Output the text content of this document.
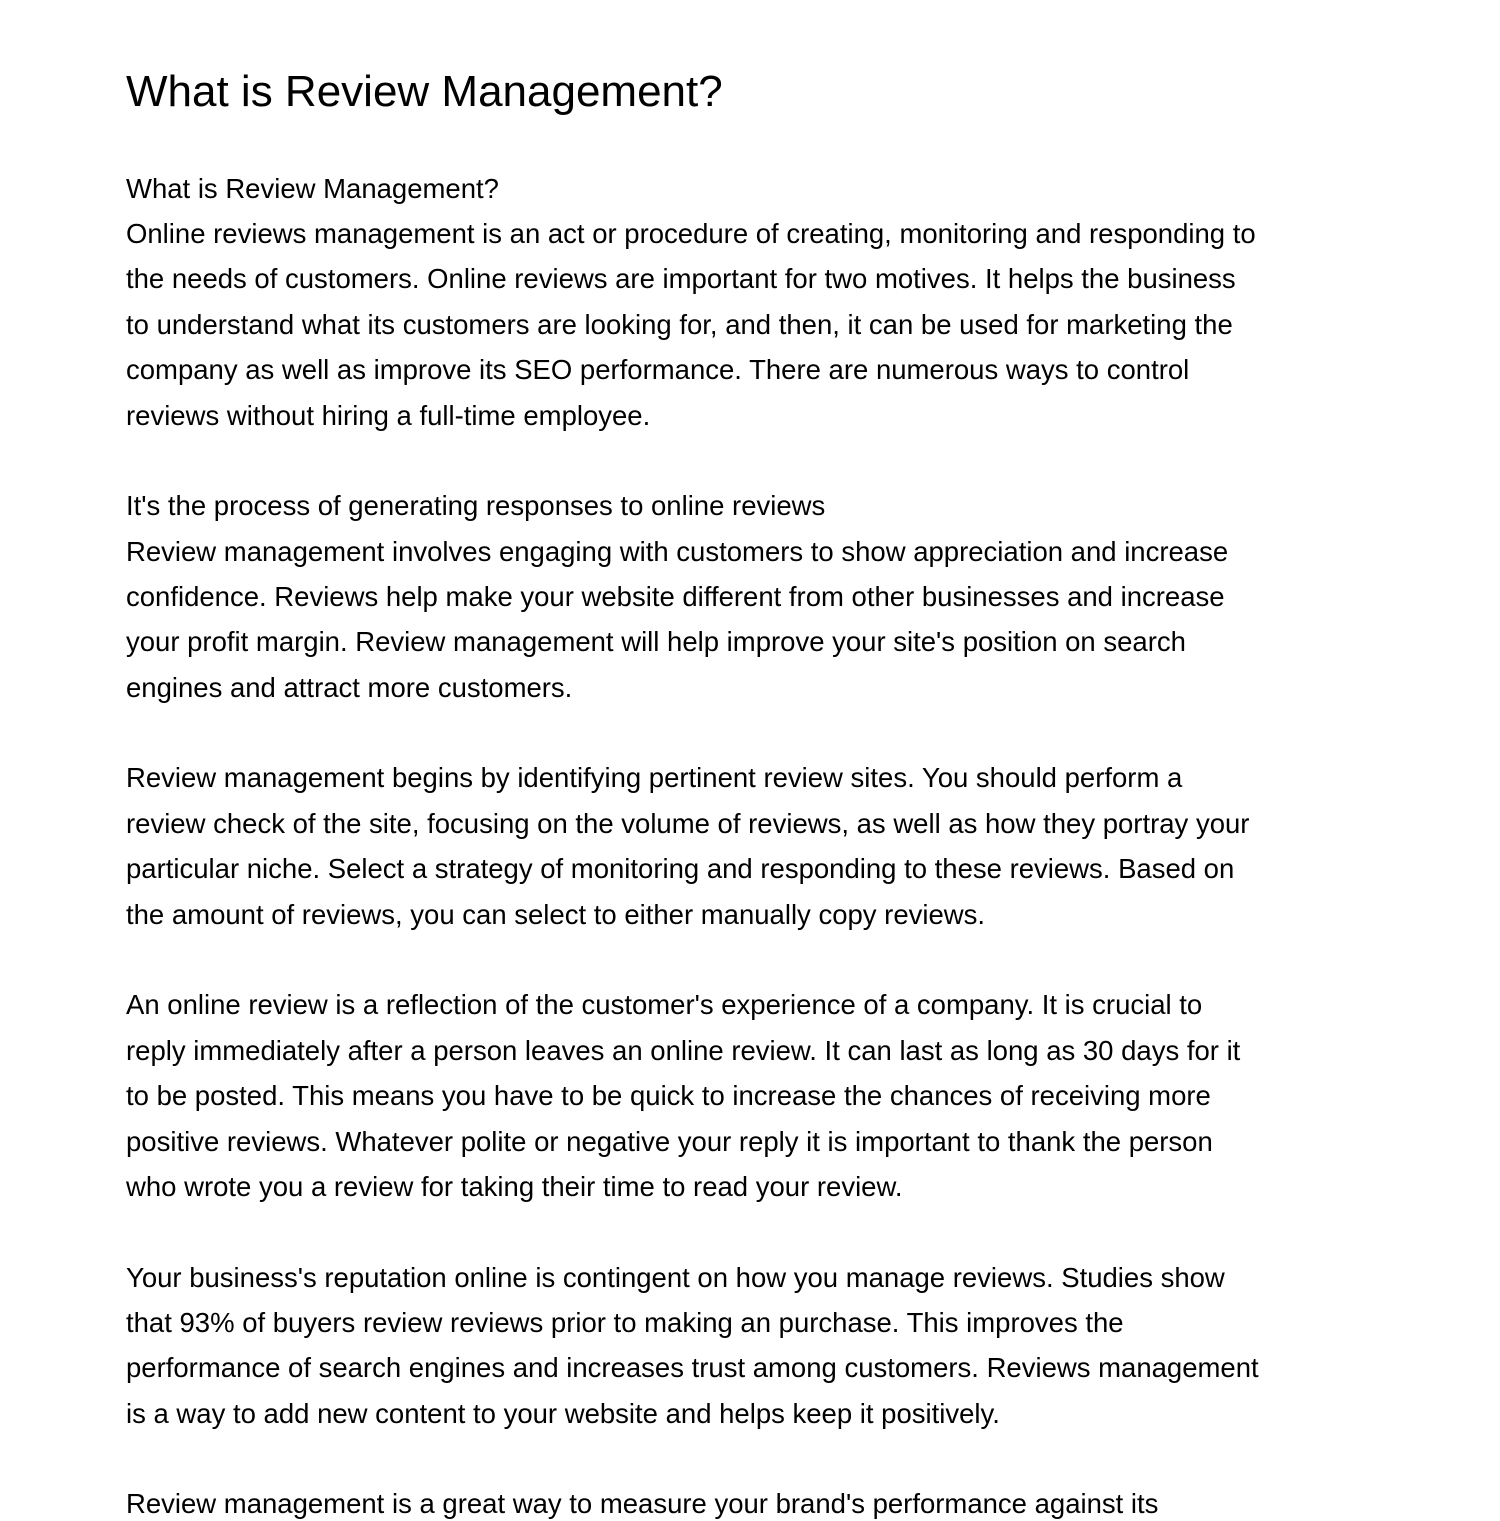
What is Review Management?

What is Review Management?

Online reviews management is an act or procedure of creating, monitoring and responding to

the needs of customers. Online reviews are important for two motives. It helps the business

to understand what its customers are looking for, and then, it can be used for marketing the

company as well as improve its SEO performance. There are numerous ways to control

reviews without hiring a full-time employee.

It's the process of generating responses to online reviews

Review management involves engaging with customers to show appreciation and increase

confidence. Reviews help make your website different from other businesses and increase

your profit margin. Review management will help improve your site's position on search

engines and attract more customers.

Review management begins by identifying pertinent review sites. You should perform a

review check of the site, focusing on the volume of reviews, as well as how they portray your

particular niche. Select a strategy of monitoring and responding to these reviews. Based on

the amount of reviews, you can select to either manually copy reviews.

An online review is a reflection of the customer's experience of a company. It is crucial to

reply immediately after a person leaves an online review. It can last as long as 30 days for it

to be posted. This means you have to be quick to increase the chances of receiving more

positive reviews. Whatever polite or negative your reply it is important to thank the person

who wrote you a review for taking their time to read your review.

Your business's reputation online is contingent on how you manage reviews. Studies show

that 93% of buyers review reviews prior to making an purchase. This improves the

performance of search engines and increases trust among customers. Reviews management

is a way to add new content to your website and helps keep it positively.

Review management is a great way to measure your brand's performance against its
